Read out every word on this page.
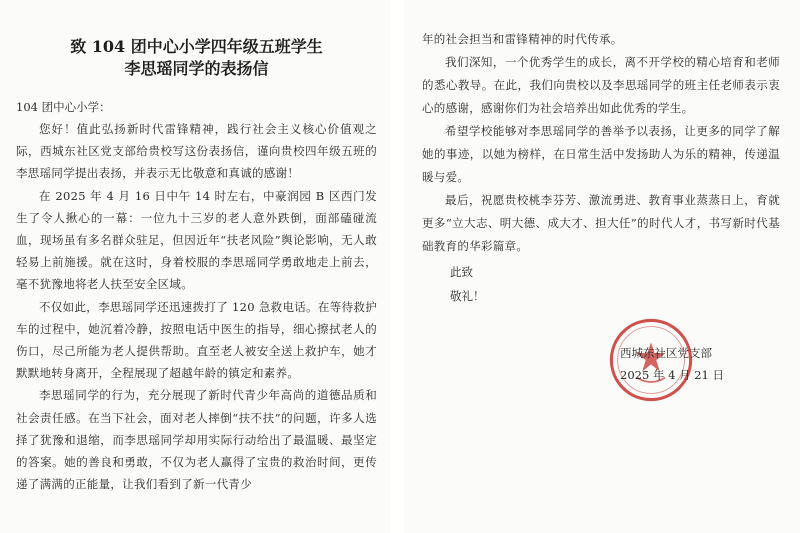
致 104 团中心小学四年级五班学生

李思瑶同学的表扬信

104 团中心小学：

您好！值此弘扬新时代雷锋精神，践行社会主义核心价值观之际，西城东社区党支部给贵校写这份表扬信，谨向贵校四年级五班的李思瑶同学提出表扬，并表示无比敬意和真诚的感谢！

在 2025 年 4 月 16 日中午 14 时左右，中豪润园 B 区西门发生了令人揪心的一幕：一位九十三岁的老人意外跌倒，面部磕碰流血，现场虽有多名群众驻足，但因近年“扶老风险”舆论影响，无人敢轻易上前施援。就在这时，身着校服的李思瑶同学勇敢地走上前去，毫不犹豫地将老人扶至安全区域。

不仅如此，李思瑶同学还迅速拨打了 120 急救电话。在等待救护车的过程中，她沉着冷静，按照电话中医生的指导，细心擦拭老人的伤口，尽己所能为老人提供帮助。直至老人被安全送上救护车，她才默默地转身离开，全程展现了超越年龄的镇定和素养。

李思瑶同学的行为，充分展现了新时代青少年高尚的道德品质和社会责任感。在当下社会，面对老人摔倒“扶不扶”的问题，许多人选择了犹豫和退缩，而李思瑶同学却用实际行动给出了最温暖、最坚定的答案。她的善良和勇敢，不仅为老人赢得了宝贵的救治时间，更传递了满满的正能量，让我们看到了新一代青少

年的社会担当和雷锋精神的时代传承。

我们深知，一个优秀学生的成长，离不开学校的精心培育和老师的悉心教导。在此，我们向贵校以及李思瑶同学的班主任老师表示衷心的感谢，感谢你们为社会培养出如此优秀的学生。

希望学校能够对李思瑶同学的善举予以表扬，让更多的同学了解她的事迹，以她为榜样，在日常生活中发扬助人为乐的精神，传递温暖与爱。

最后，祝愿贵校桃李芬芳、激流勇进、教育事业蒸蒸日上，育就更多“立大志、明大德、成大才、担大任”的时代人才，书写新时代基础教育的华彩篇章。

此致

敬礼！

西城东社区党支部
2025 年 4 月 21 日
